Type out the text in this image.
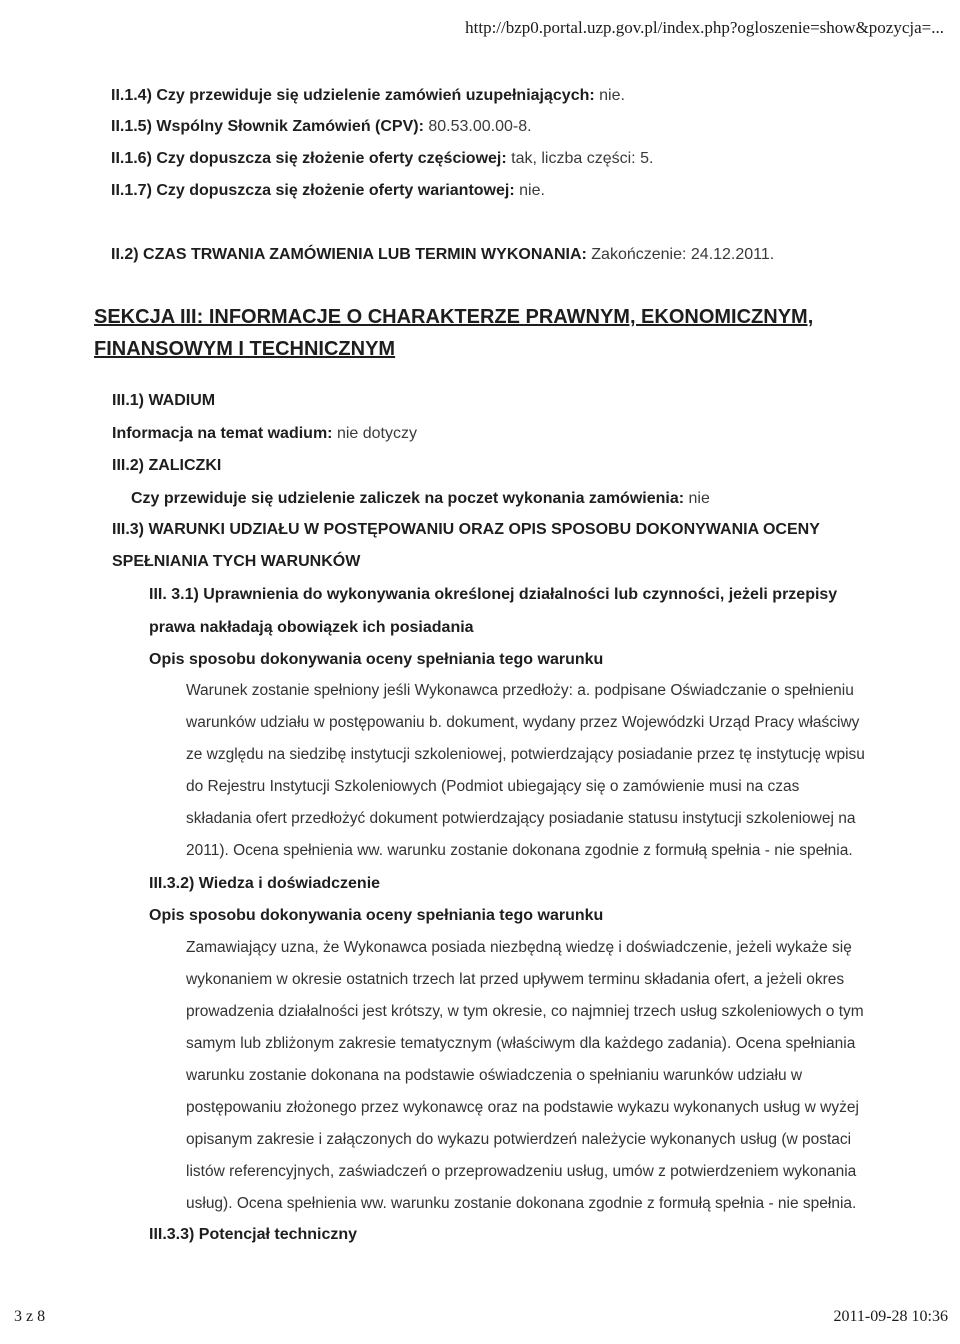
http://bzp0.portal.uzp.gov.pl/index.php?ogloszenie=show&pozycja=...
II.1.4) Czy przewiduje się udzielenie zamówień uzupełniających: nie.
II.1.5) Wspólny Słownik Zamówień (CPV): 80.53.00.00-8.
II.1.6) Czy dopuszcza się złożenie oferty częściowej: tak, liczba części: 5.
II.1.7) Czy dopuszcza się złożenie oferty wariantowej: nie.
II.2) CZAS TRWANIA ZAMÓWIENIA LUB TERMIN WYKONANIA: Zakończenie: 24.12.2011.
SEKCJA III: INFORMACJE O CHARAKTERZE PRAWNYM, EKONOMICZNYM,
FINANSOWYM I TECHNICZNYM
III.1) WADIUM
Informacja na temat wadium: nie dotyczy
III.2) ZALICZKI
Czy przewiduje się udzielenie zaliczek na poczet wykonania zamówienia: nie
III.3) WARUNKI UDZIAŁU W POSTĘPOWANIU ORAZ OPIS SPOSOBU DOKONYWANIA OCENY
SPEŁNIANIA TYCH WARUNKÓW
III. 3.1) Uprawnienia do wykonywania określonej działalności lub czynności, jeżeli przepisy
prawa nakładają obowiązek ich posiadania
Opis sposobu dokonywania oceny spełniania tego warunku
Warunek zostanie spełniony jeśli Wykonawca przedłoży: a. podpisane Oświadczanie o spełnieniu
warunków udziału w postępowaniu b. dokument, wydany przez Wojewódzki Urząd Pracy właściwy
ze względu na siedzibę instytucji szkoleniowej, potwierdzający posiadanie przez tę instytucję wpisu
do Rejestru Instytucji Szkoleniowych (Podmiot ubiegający się o zamówienie musi na czas
składania ofert przedłożyć dokument potwierdzający posiadanie statusu instytucji szkoleniowej na
2011). Ocena spełnienia ww. warunku zostanie dokonana zgodnie z formułą spełnia - nie spełnia.
III.3.2) Wiedza i doświadczenie
Opis sposobu dokonywania oceny spełniania tego warunku
Zamawiający uzna, że Wykonawca posiada niezbędną wiedzę i doświadczenie, jeżeli wykaże się
wykonaniem w okresie ostatnich trzech lat przed upływem terminu składania ofert, a jeżeli okres
prowadzenia działalności jest krótszy, w tym okresie, co najmniej trzech usług szkoleniowych o tym
samym lub zbliżonym zakresie tematycznym (właściwym dla każdego zadania). Ocena spełniania
warunku zostanie dokonana na podstawie oświadczenia o spełnianiu warunków udziału w
postępowaniu złożonego przez wykonawcę oraz na podstawie wykazu wykonanych usług w wyżej
opisanym zakresie i załączonych do wykazu potwierdzeń należycie wykonanych usług (w postaci
listów referencyjnych, zaświadczeń o przeprowadzeniu usług, umów z potwierdzeniem wykonania
usług). Ocena spełnienia ww. warunku zostanie dokonana zgodnie z formułą spełnia - nie spełnia.
III.3.3) Potencjał techniczny
3 z 8	2011-09-28 10:36
